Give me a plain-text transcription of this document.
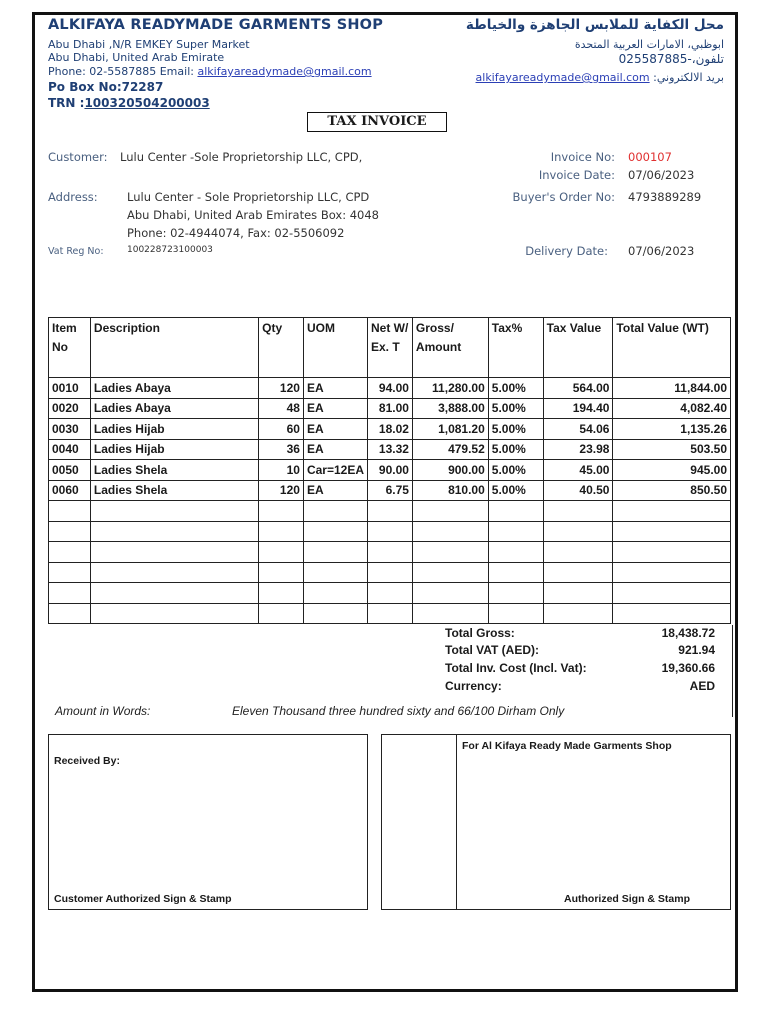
ALKIFAYA READYMADE GARMENTS SHOP
Abu Dhabi ,N/R EMKEY Super Market
Abu Dhabi, United Arab Emirate
Phone: 02-5587885 Email: alkifayareadymade@gmail.com
Po Box No:72287
TRN :100320504200003
محل الكفاية للملابس الجاهزة والخياطة
ابوظبي، الامارات العربية المتحدة
تلفون،-025587885
بريد الالكتروني: alkifayareadymade@gmail.com
TAX INVOICE
Customer: Lulu Center -Sole Proprietorship LLC, CPD,
Address:	Lulu Center - Sole Proprietorship LLC, CPD
Abu Dhabi, United Arab Emirates Box: 4048
Phone: 02-4944074, Fax: 02-5506092
Vat Reg No:	100228723100003
Invoice No: 000107
Invoice Date: 07/06/2023
Buyer's Order No: 4793889289
Delivery Date: 07/06/2023
Item No	Description	Qty	UOM	Net W/ Ex. T	Gross/ Amount	Tax%	Tax Value	Total Value (WT)
0010	Ladies Abaya	120	EA	94.00	11,280.00	5.00%	564.00	11,844.00
0020	Ladies Abaya	48	EA	81.00	3,888.00	5.00%	194.40	4,082.40
0030	Ladies Hijab	60	EA	18.02	1,081.20	5.00%	54.06	1,135.26
0040	Ladies Hijab	36	EA	13.32	479.52	5.00%	23.98	503.50
0050	Ladies Shela	10	Car=12EA	90.00	900.00	5.00%	45.00	945.00
0060	Ladies Shela	120	EA	6.75	810.00	5.00%	40.50	850.50

Total Gross:	18,438.72
Total VAT (AED):	921.94
Total Inv. Cost (Incl. Vat):	19,360.66
Currency:	AED
Amount in Words:	Eleven Thousand three hundred sixty and 66/100 Dirham Only
Received By:
Customer Authorized Sign & Stamp
For Al Kifaya Ready Made Garments Shop
Authorized Sign & Stamp
